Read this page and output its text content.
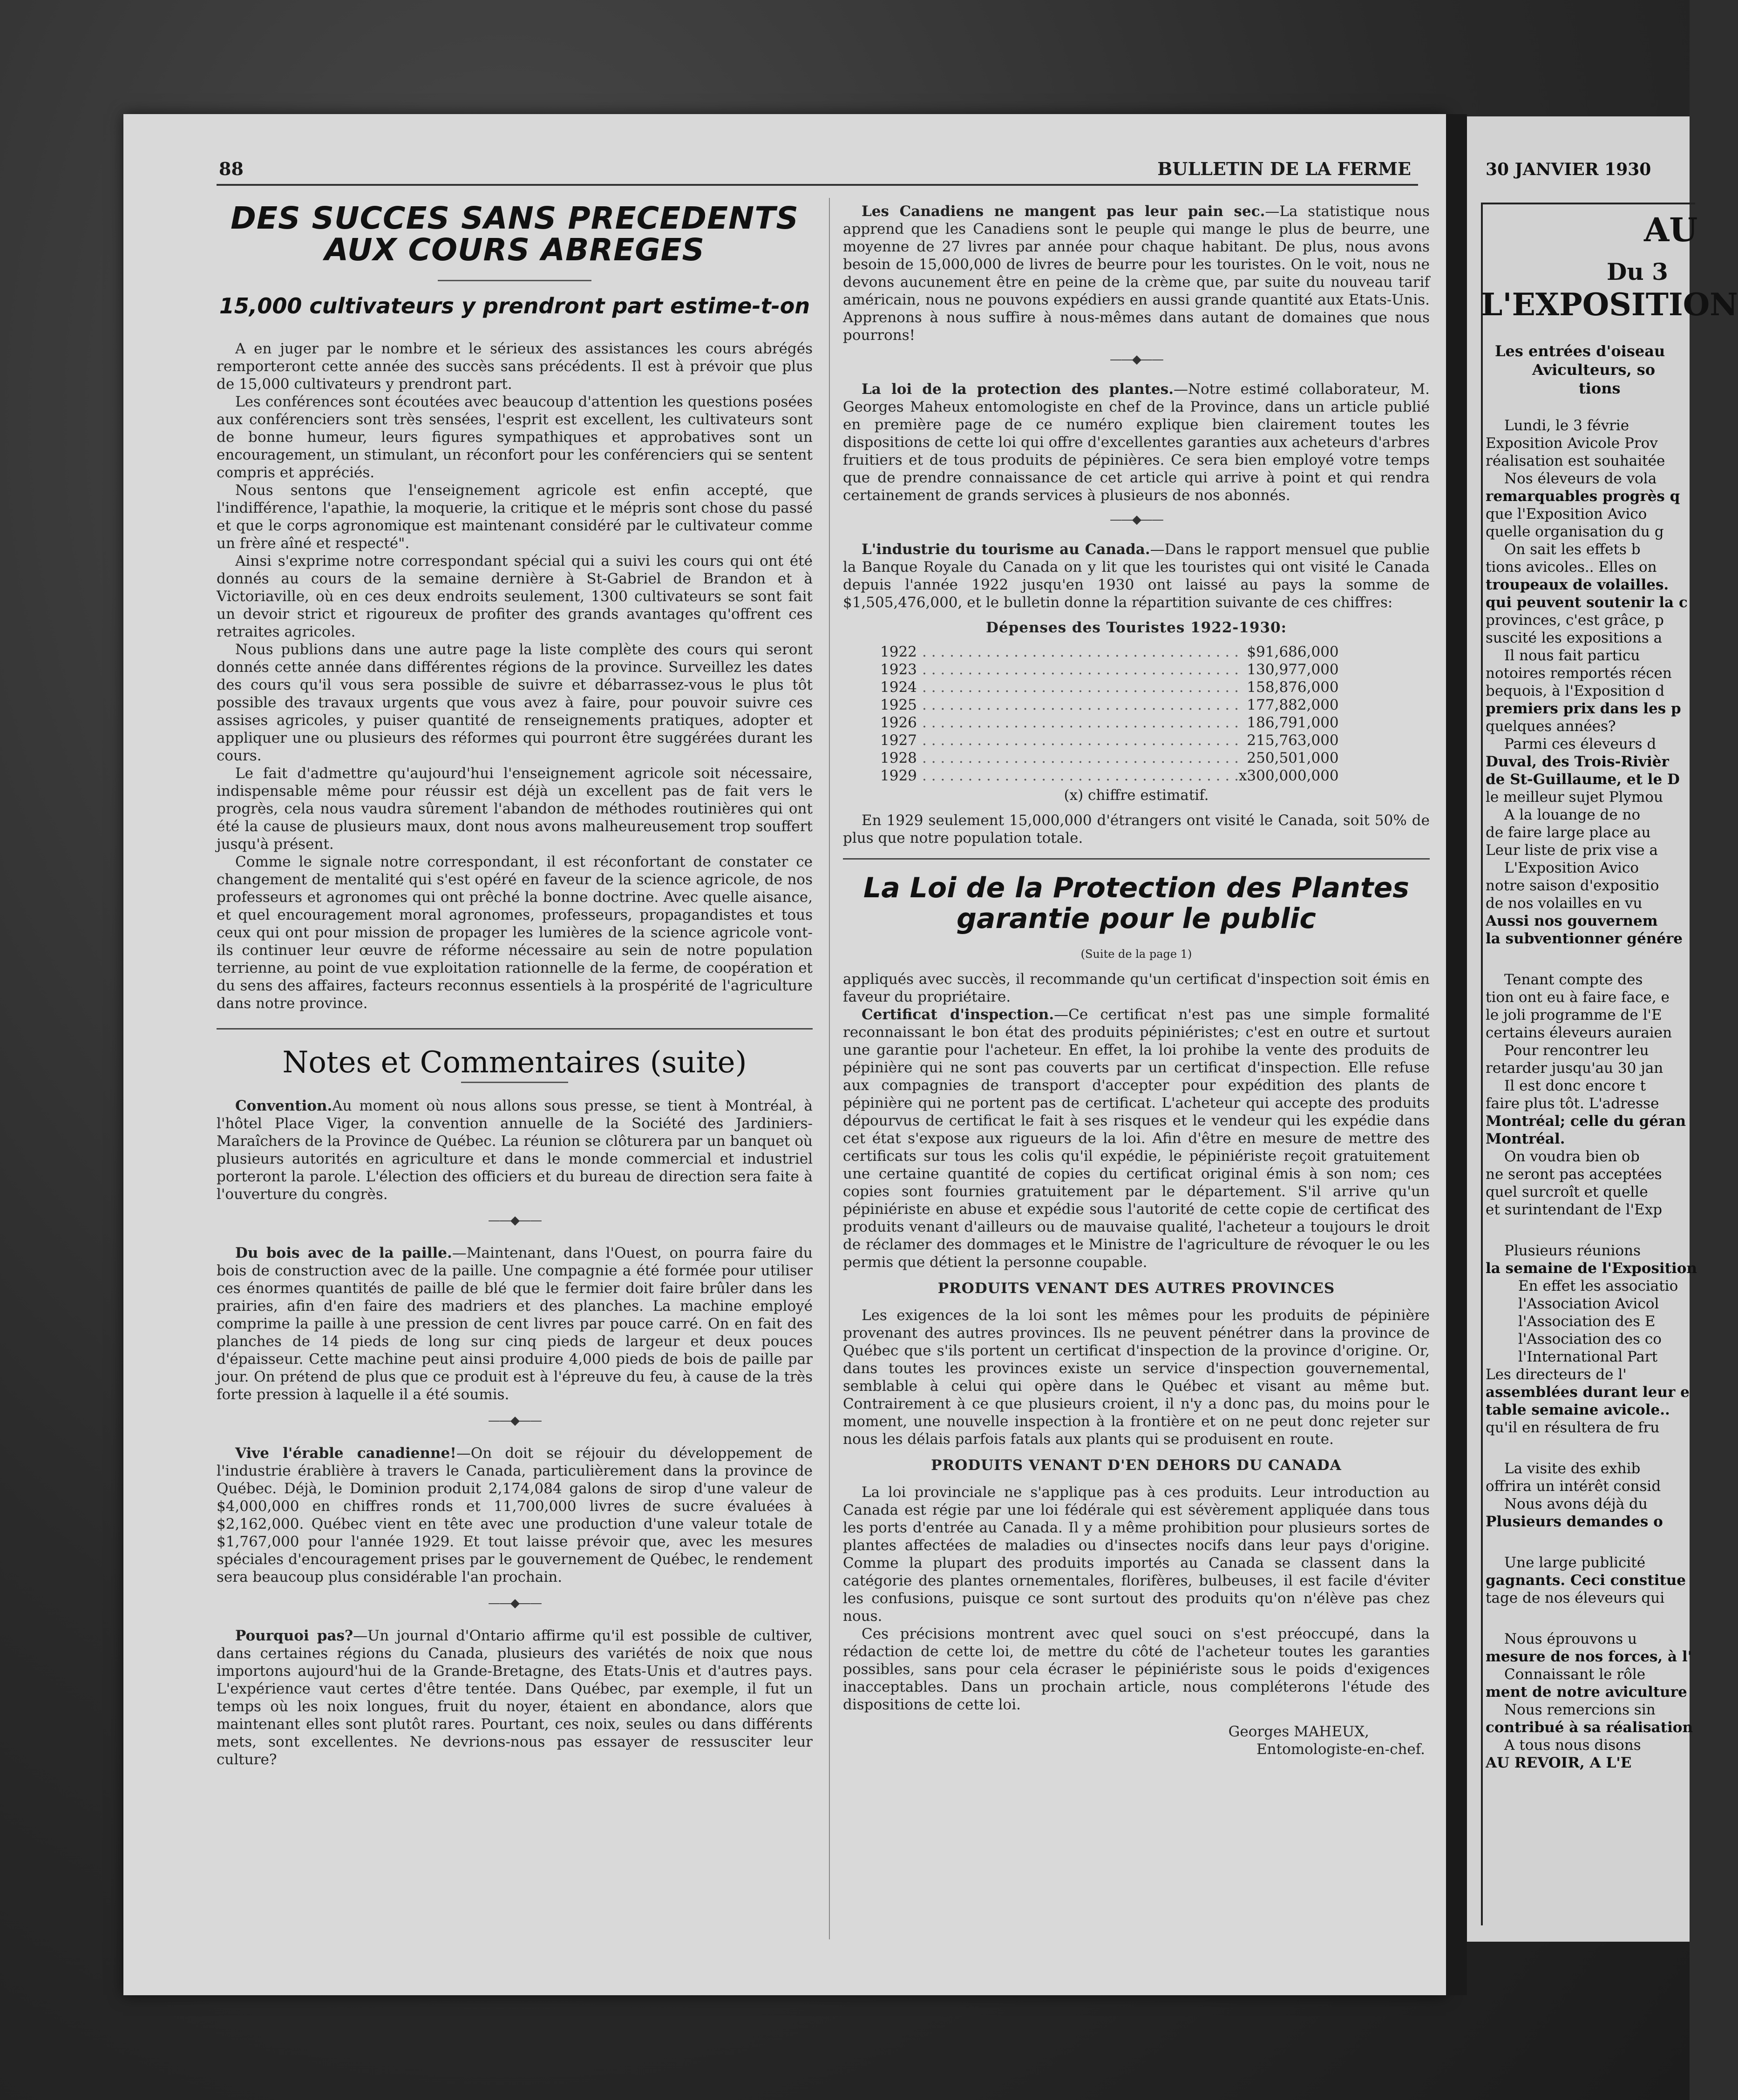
88	BULLETIN DE LA FERME
DES SUCCES SANS PRECEDENTS
AUX COURS ABREGES
15,000 cultivateurs y prendront part estime-t-on

A en juger par le nombre et le sérieux des assistances les cours abrégés remporteront cette année des succès sans précédents. Il est à prévoir que plus de 15,000 cultivateurs y prendront part.

Les conférences sont écoutées avec beaucoup d'attention les questions posées aux conférenciers sont très sensées, l'esprit est excellent, les cultivateurs sont de bonne humeur, leurs figures sympathiques et approbatives sont un encouragement, un stimulant, un réconfort pour les conférenciers qui se sentent compris et appréciés.

Nous sentons que l'enseignement agricole est enfin accepté, que l'indifférence, l'apathie, la moquerie, la critique et le mépris sont chose du passé et que le corps agronomique est maintenant considéré par le cultivateur comme un frère aîné et respecté".

Ainsi s'exprime notre correspondant spécial qui a suivi les cours qui ont été donnés au cours de la semaine dernière à St-Gabriel de Brandon et à Victoriaville, où en ces deux endroits seulement, 1300 cultivateurs se sont fait un devoir strict et rigoureux de profiter des grands avantages qu'offrent ces retraites agricoles.

Nous publions dans une autre page la liste complète des cours qui seront donnés cette année dans différentes régions de la province. Surveillez les dates des cours qu'il vous sera possible de suivre et débarrassez-vous le plus tôt possible des travaux urgents que vous avez à faire, pour pouvoir suivre ces assises agricoles, y puiser quantité de renseignements pratiques, adopter et appliquer une ou plusieurs des réformes qui pourront être suggérées durant les cours.

Le fait d'admettre qu'aujourd'hui l'enseignement agricole soit nécessaire, indispensable même pour réussir est déjà un excellent pas de fait vers le progrès, cela nous vaudra sûrement l'abandon de méthodes routinières qui ont été la cause de plusieurs maux, dont nous avons malheureusement trop souffert jusqu'à présent.

Comme le signale notre correspondant, il est réconfortant de constater ce changement de mentalité qui s'est opéré en faveur de la science agricole, de nos professeurs et agronomes qui ont prêché la bonne doctrine. Avec quelle aisance, et quel encouragement moral agronomes, professeurs, propagandistes et tous ceux qui ont pour mission de propager les lumières de la science agricole vont-ils continuer leur œuvre de réforme nécessaire au sein de notre population terrienne, au point de vue exploitation rationnelle de la ferme, de coopération et du sens des affaires, facteurs reconnus essentiels à la prospérité de l'agriculture dans notre province.

Notes et Commentaires (suite)

Convention.Au moment où nous allons sous presse, se tient à Montréal, à l'hôtel Place Viger, la convention annuelle de la Société des Jardiniers-Maraîchers de la Province de Québec. La réunion se clôturera par un banquet où plusieurs autorités en agriculture et dans le monde commercial et industriel porteront la parole. L'élection des officiers et du bureau de direction sera faite à l'ouverture du congrès.

——◆——

Du bois avec de la paille.—Maintenant, dans l'Ouest, on pourra faire du bois de construction avec de la paille. Une compagnie a été formée pour utiliser ces énormes quantités de paille de blé que le fermier doit faire brûler dans les prairies, afin d'en faire des madriers et des planches. La machine employé comprime la paille à une pression de cent livres par pouce carré. On en fait des planches de 14 pieds de long sur cinq pieds de largeur et deux pouces d'épaisseur. Cette machine peut ainsi produire 4,000 pieds de bois de paille par jour. On prétend de plus que ce produit est à l'épreuve du feu, à cause de la très forte pression à laquelle il a été soumis.

——◆——

Vive l'érable canadienne!—On doit se réjouir du développement de l'industrie érablière à travers le Canada, particulièrement dans la province de Québec. Déjà, le Dominion produit 2,174,084 galons de sirop d'une valeur de $4,000,000 en chiffres ronds et 11,700,000 livres de sucre évaluées à $2,162,000. Québec vient en tête avec une production d'une valeur totale de $1,767,000 pour l'année 1929. Et tout laisse prévoir que, avec les mesures spéciales d'encouragement prises par le gouvernement de Québec, le rendement sera beaucoup plus considérable l'an prochain.

——◆——

Pourquoi pas?—Un journal d'Ontario affirme qu'il est possible de cultiver, dans certaines régions du Canada, plusieurs des variétés de noix que nous importons aujourd'hui de la Grande-Bretagne, des Etats-Unis et d'autres pays. L'expérience vaut certes d'être tentée. Dans Québec, par exemple, il fut un temps où les noix longues, fruit du noyer, étaient en abondance, alors que maintenant elles sont plutôt rares. Pourtant, ces noix, seules ou dans différents mets, sont excellentes. Ne devrions-nous pas essayer de ressusciter leur culture?

Les Canadiens ne mangent pas leur pain sec.—La statistique nous apprend que les Canadiens sont le peuple qui mange le plus de beurre, une moyenne de 27 livres par année pour chaque habitant. De plus, nous avons besoin de 15,000,000 de livres de beurre pour les touristes. On le voit, nous ne devons aucunement être en peine de la crème que, par suite du nouveau tarif américain, nous ne pouvons expédiers en aussi grande quantité aux Etats-Unis. Apprenons à nous suffire à nous-mêmes dans autant de domaines que nous pourrons!

——◆——

La loi de la protection des plantes.—Notre estimé collaborateur, M. Georges Maheux entomologiste en chef de la Province, dans un article publié en première page de ce numéro explique bien clairement toutes les dispositions de cette loi qui offre d'excellentes garanties aux acheteurs d'arbres fruitiers et de tous produits de pépinières. Ce sera bien employé votre temps que de prendre connaissance de cet article qui arrive à point et qui rendra certainement de grands services à plusieurs de nos abonnés.

——◆——

L'industrie du tourisme au Canada.—Dans le rapport mensuel que publie la Banque Royale du Canada on y lit que les touristes qui ont visité le Canada depuis l'année 1922 jusqu'en 1930 ont laissé au pays la somme de $1,505,476,000, et le bulletin donne la répartition suivante de ces chiffres:

Dépenses des Touristes 1922-1930:
1922	. . . . . . . . . . . . . . . . . . . . . . . . . . . . . . . . . . .	$91,686,000
1923	. . . . . . . . . . . . . . . . . . . . . . . . . . . . . . . . . . .	130,977,000
1924	. . . . . . . . . . . . . . . . . . . . . . . . . . . . . . . . . . .	158,876,000
1925	. . . . . . . . . . . . . . . . . . . . . . . . . . . . . . . . . . .	177,882,000
1926	. . . . . . . . . . . . . . . . . . . . . . . . . . . . . . . . . . .	186,791,000
1927	. . . . . . . . . . . . . . . . . . . . . . . . . . . . . . . . . . .	215,763,000
1928	. . . . . . . . . . . . . . . . . . . . . . . . . . . . . . . . . . .	250,501,000
1929	. . . . . . . . . . . . . . . . . . . . . . . . . . . . . . . . . . .	x300,000,000
(x) chiffre estimatif.

En 1929 seulement 15,000,000 d'étrangers ont visité le Canada, soit 50% de plus que notre population totale.

La Loi de la Protection des Plantes
garantie pour le public
(Suite de la page 1)

appliqués avec succès, il recommande qu'un certificat d'inspection soit émis en faveur du propriétaire.

Certificat d'inspection.—Ce certificat n'est pas une simple formalité reconnaissant le bon état des produits pépiniéristes; c'est en outre et surtout une garantie pour l'acheteur. En effet, la loi prohibe la vente des produits de pépinière qui ne sont pas couverts par un certificat d'inspection. Elle refuse aux compagnies de transport d'accepter pour expédition des plants de pépinière qui ne portent pas de certificat. L'acheteur qui accepte des produits dépourvus de certificat le fait à ses risques et le vendeur qui les expédie dans cet état s'expose aux rigueurs de la loi. Afin d'être en mesure de mettre des certificats sur tous les colis qu'il expédie, le pépiniériste reçoit gratuitement une certaine quantité de copies du certificat original émis à son nom; ces copies sont fournies gratuitement par le département. S'il arrive qu'un pépiniériste en abuse et expédie sous l'autorité de cette copie de certificat des produits venant d'ailleurs ou de mauvaise qualité, l'acheteur a toujours le droit de réclamer des dommages et le Ministre de l'agriculture de révoquer le ou les permis que détient la personne coupable.

PRODUITS VENANT DES AUTRES PROVINCES

Les exigences de la loi sont les mêmes pour les produits de pépinière provenant des autres provinces. Ils ne peuvent pénétrer dans la province de Québec que s'ils portent un certificat d'inspection de la province d'origine. Or, dans toutes les provinces existe un service d'inspection gouvernemental, semblable à celui qui opère dans le Québec et visant au même but. Contrairement à ce que plusieurs croient, il n'y a donc pas, du moins pour le moment, une nouvelle inspection à la frontière et on ne peut donc rejeter sur nous les délais parfois fatals aux plants qui se produisent en route.

PRODUITS VENANT D'EN DEHORS DU CANADA

La loi provinciale ne s'applique pas à ces produits. Leur introduction au Canada est régie par une loi fédérale qui est sévèrement appliquée dans tous les ports d'entrée au Canada. Il y a même prohibition pour plusieurs sortes de plantes affectées de maladies ou d'insectes nocifs dans leur pays d'origine. Comme la plupart des produits importés au Canada se classent dans la catégorie des plantes ornementales, florifères, bulbeuses, il est facile d'éviter les confusions, puisque ce sont surtout des produits qu'on n'élève pas chez nous.

Ces précisions montrent avec quel souci on s'est préoccupé, dans la rédaction de cette loi, de mettre du côté de l'acheteur toutes les garanties possibles, sans pour cela écraser le pépiniériste sous le poids d'exigences inacceptables. Dans un prochain article, nous compléterons l'étude des dispositions de cette loi.

Georges MAHEUX,
Entomologiste-en-chef.
30 JANVIER 1930
AU
Du 3
L'EXPOSITION
Les entrées d'oiseau
Aviculteurs, so
tions
Lundi, le 3 févrie
Exposition Avicole Prov
réalisation est souhaitée
Nos éleveurs de vola
remarquables progrès q
que l'Exposition Avico
quelle organisation du g
On sait les effets b
tions avicoles.. Elles on
troupeaux de volailles.
qui peuvent soutenir la c
provinces, c'est grâce, p
suscité les expositions a
Il nous fait particu
notoires remportés récen
bequois, à l'Exposition d
premiers prix dans les p
quelques années?
Parmi ces éleveurs d
Duval, des Trois-Rivièr
de St-Guillaume, et le D
le meilleur sujet Plymou
A la louange de no
de faire large place au
Leur liste de prix vise a
L'Exposition Avico
notre saison d'expositio
de nos volailles en vu
Aussi nos gouvernem
la subventionner génére
Tenant compte des
tion ont eu à faire face, e
le joli programme de l'E
certains éleveurs auraien
Pour rencontrer leu
retarder jusqu'au 30 jan
Il est donc encore t
faire plus tôt. L'adresse
Montréal; celle du géran
Montréal.
On voudra bien ob
ne seront pas acceptées
quel surcroît et quelle
et surintendant de l'Exp
Plusieurs réunions
la semaine de l'Exposition
En effet les associatio
l'Association Avicol
l'Association des E
l'Association des co
l'International Part
Les directeurs de l'
assemblées durant leur e
table semaine avicole..
qu'il en résultera de fru
La visite des exhib
offrira un intérêt consid
Nous avons déjà du
Plusieurs demandes o
Une large publicité
gagnants. Ceci constitue
tage de nos éleveurs qui
Nous éprouvons u
mesure de nos forces, à l'
Connaissant le rôle
ment de notre aviculture
Nous remercions sin
contribué à sa réalisation
A tous nous disons
AU REVOIR, A L'E
